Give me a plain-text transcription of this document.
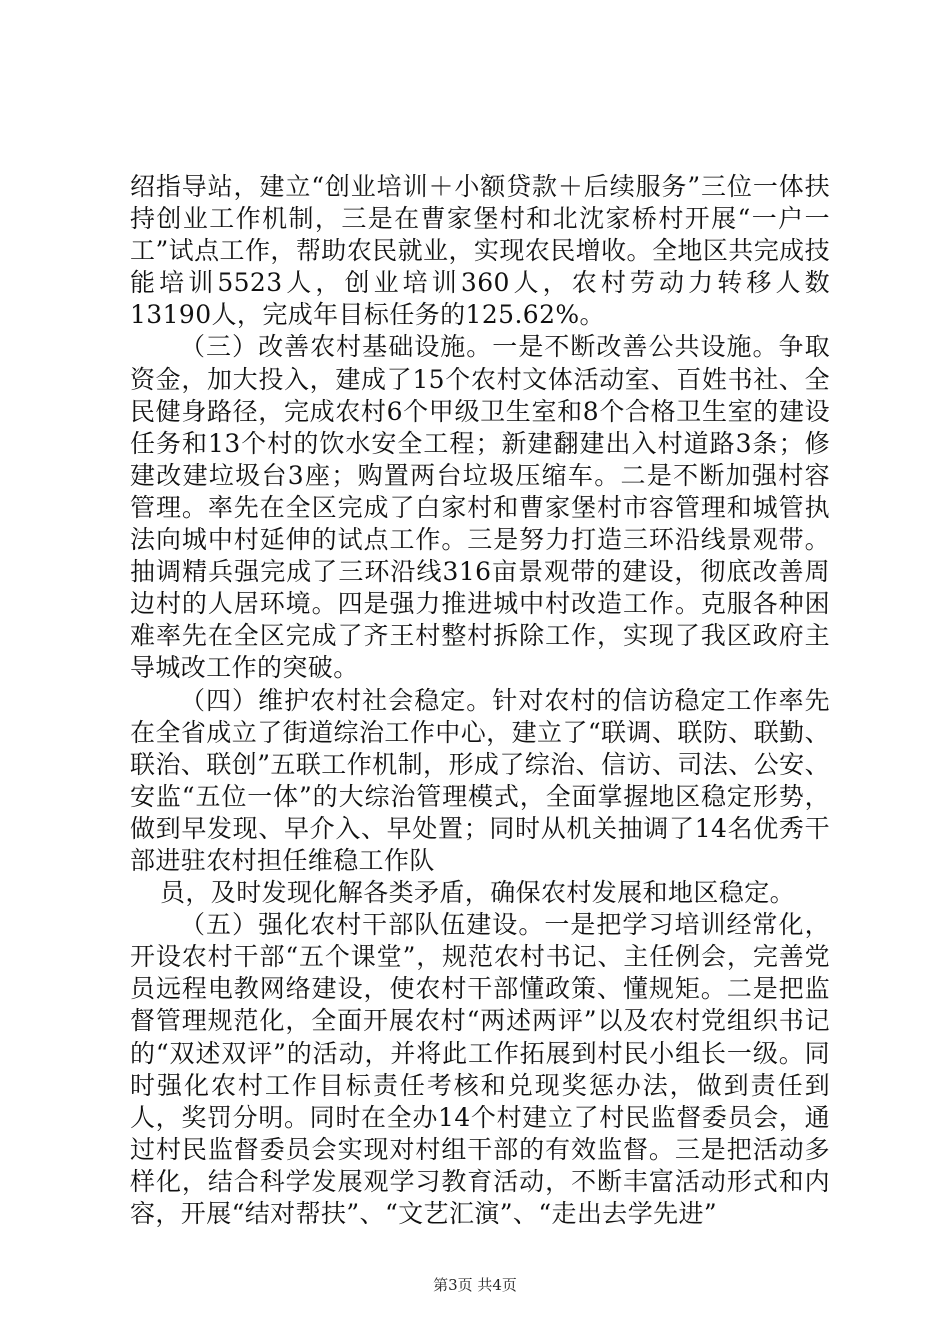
绍指导站，建立“创业培训＋小额贷款＋后续服务”三位一体扶持创业工作机制，三是在曹家堡村和北沈家桥村开展“一户一工”试点工作，帮助农民就业，实现农民增收。全地区共完成技能培训5523人，创业培训360人，农村劳动力转移人数13190人，完成年目标任务的125.62%。

（三）改善农村基础设施。一是不断改善公共设施。争取资金，加大投入，建成了15个农村文体活动室、百姓书社、全民健身路径，完成农村6个甲级卫生室和8个合格卫生室的建设任务和13个村的饮水安全工程；新建翻建出入村道路3条；修建改建垃圾台3座；购置两台垃圾压缩车。二是不断加强村容管理。率先在全区完成了白家村和曹家堡村市容管理和城管执法向城中村延伸的试点工作。三是努力打造三环沿线景观带。抽调精兵强完成了三环沿线316亩景观带的建设，彻底改善周边村的人居环境。四是强力推进城中村改造工作。克服各种困难率先在全区完成了齐王村整村拆除工作，实现了我区政府主导城改工作的突破。

（四）维护农村社会稳定。针对农村的信访稳定工作率先在全省成立了街道综治工作中心，建立了“联调、联防、联勤、联治、联创”五联工作机制，形成了综治、信访、司法、公安、安监“五位一体”的大综治管理模式，全面掌握地区稳定形势，做到早发现、早介入、早处置；同时从机关抽调了14名优秀干部进驻农村担任维稳工作队

员，及时发现化解各类矛盾，确保农村发展和地区稳定。

（五）强化农村干部队伍建设。一是把学习培训经常化，开设农村干部“五个课堂”，规范农村书记、主任例会，完善党员远程电教网络建设，使农村干部懂政策、懂规矩。二是把监督管理规范化，全面开展农村“两述两评”以及农村党组织书记的“双述双评”的活动，并将此工作拓展到村民小组长一级。同时强化农村工作目标责任考核和兑现奖惩办法，做到责任到人，奖罚分明。同时在全办14个村建立了村民监督委员会，通过村民监督委员会实现对村组干部的有效监督。三是把活动多样化，结合科学发展观学习教育活动，不断丰富活动形式和内容，开展“结对帮扶”、“文艺汇演”、“走出去学先进”

第3页 共4页
